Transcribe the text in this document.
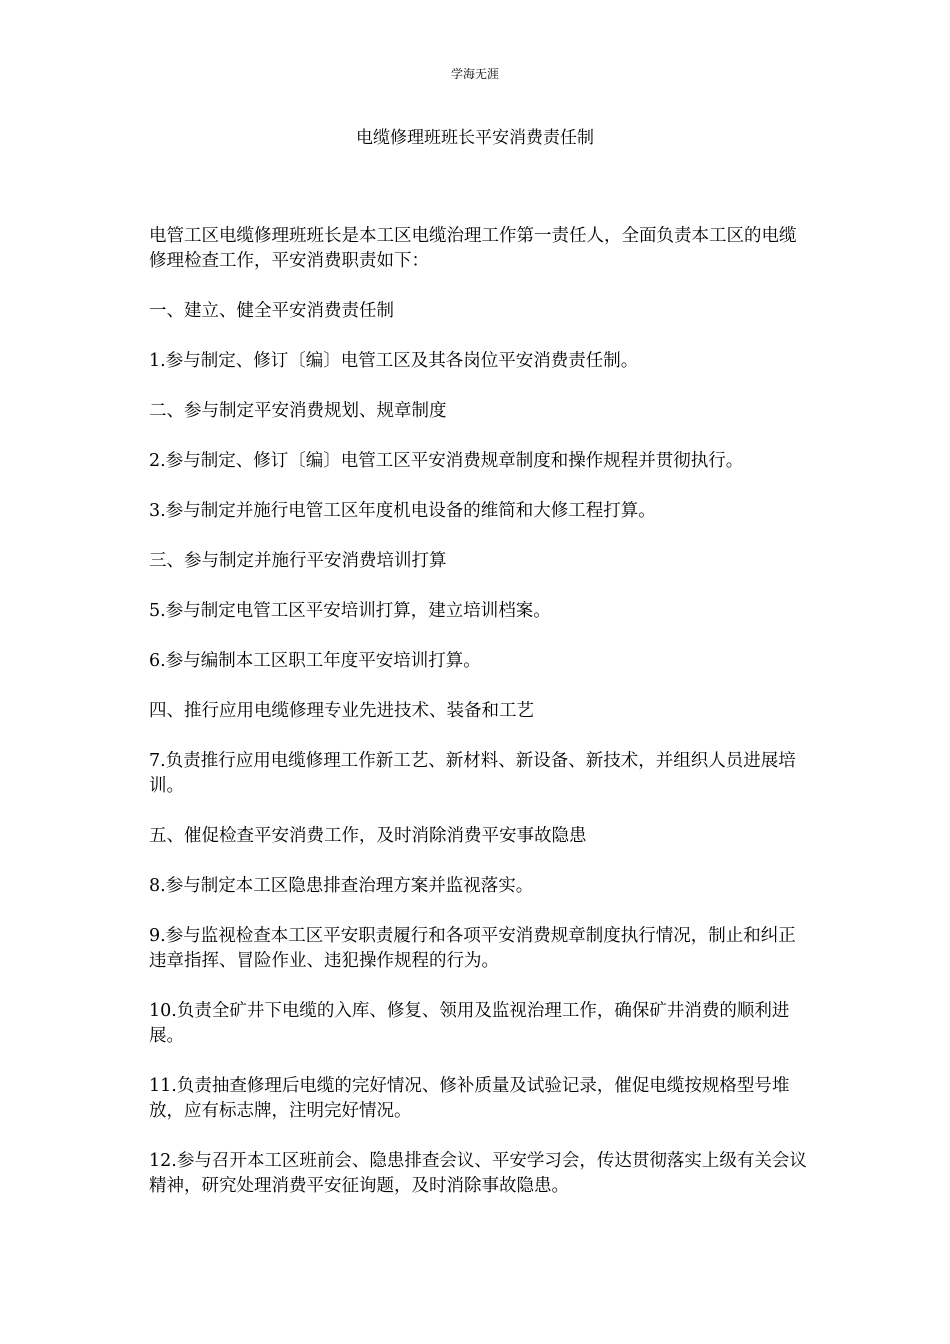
学海无涯
电缆修理班班长平安消费责任制

电管工区电缆修理班班长是本工区电缆治理工作第一责任人，全面负责本工区的电缆修理检查工作，平安消费职责如下：

一、建立、健全平安消费责任制

1.参与制定、修订〔编〕电管工区及其各岗位平安消费责任制。

二、参与制定平安消费规划、规章制度

2.参与制定、修订〔编〕电管工区平安消费规章制度和操作规程并贯彻执行。

3.参与制定并施行电管工区年度机电设备的维简和大修工程打算。

三、参与制定并施行平安消费培训打算

5.参与制定电管工区平安培训打算，建立培训档案。

6.参与编制本工区职工年度平安培训打算。

四、推行应用电缆修理专业先进技术、装备和工艺

7.负责推行应用电缆修理工作新工艺、新材料、新设备、新技术，并组织人员进展培训。

五、催促检查平安消费工作，及时消除消费平安事故隐患

8.参与制定本工区隐患排查治理方案并监视落实。

9.参与监视检查本工区平安职责履行和各项平安消费规章制度执行情况，制止和纠正违章指挥、冒险作业、违犯操作规程的行为。

10.负责全矿井下电缆的入库、修复、领用及监视治理工作，确保矿井消费的顺利进展。

11.负责抽查修理后电缆的完好情况、修补质量及试验记录，催促电缆按规格型号堆放，应有标志牌，注明完好情况。

12.参与召开本工区班前会、隐患排查会议、平安学习会，传达贯彻落实上级有关会议精神，研究处理消费平安征询题，及时消除事故隐患。
